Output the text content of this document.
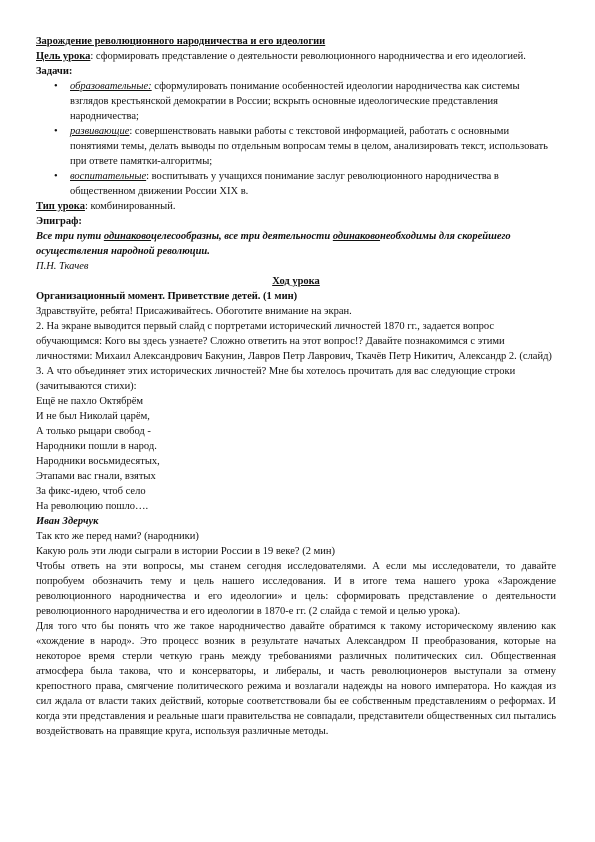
Зарождение революционного народничества и его идеологии

Цель урока: сформировать представление о деятельности революционного народничества и его идеологией.

Задачи:

• образовательные: сформулировать понимание особенностей идеологии народничества как системы взглядов крестьянской демократии в России; вскрыть основные идеологические представления народничества;
• развивающие: совершенствовать навыки работы с текстовой информацией, работать с основными понятиями темы, делать выводы по отдельным вопросам темы в целом, анализировать текст, использовать при ответе памятки-алгоритмы;
• воспитательные: воспитывать у учащихся понимание заслуг революционного народничества в общественном движении России XIX в.

Тип урока: комбинированный.

Эпиграф:

Все три пути одинаковоцелесообразны, все три деятельности одинаковонеобходимы для скорейшего осуществления народной революции.

П.Н. Ткачев

Ход урока

Организационный момент. Приветствие детей. (1 мин)

Здравствуйте, ребята! Присаживайтесь. Обоготите внимание на экран.

2. На экране выводится первый слайд с портретами исторический личностей 1870 гг., задается вопрос обучающимся: Кого вы здесь узнаете? Сложно ответить на этот вопрос!? Давайте познакомимся с этими личностями: Михаил Александрович Бакунин, Лавров Петр Лаврович, Ткачёв Петр Никитич, Александр 2. (слайд)

3. А что объединяет этих исторических личностей? Мне бы хотелось прочитать для вас следующие строки (зачитываются стихи):

Ещё не пахло Октябрём

И не был Николай царём,

А только рыцари свобод -

Народники пошли в народ.

Народники восьмидесятых,

Этапами вас гнали, взятых

За фикс-идею, чтоб село

На революцию пошло….

Иван Здерчук

Так кто же перед нами? (народники)

Какую роль эти люди сыграли в истории России в 19 веке? (2 мин)

Чтобы ответь на эти вопросы, мы станем сегодня исследователями. А если мы исследователи, то давайте попробуем обозначить тему и цель нашего исследования. И в итоге тема нашего урока «Зарождение революционного народничества и его идеологии» и цель: сформировать представление о деятельности революционного народничества и его идеологии в 1870-е гг. (2 слайда с темой и целью урока).

Для того что бы понять что же такое народничество давайте обратимся к такому историческому явлению как «хождение в народ». Это процесс возник в результате начатых Александром II преобразования, которые на некоторое время стерли четкую грань между требованиями различных политических сил. Общественная атмосфера была такова, что и консерваторы, и либералы, и часть революционеров выступали за отмену крепостного права, смягчение политического режима и возлагали надежды на нового императора. Но каждая из сил ждала от власти таких действий, которые соответствовали бы ее собственным представлениям о реформах. И когда эти представления и реальные шаги правительства не совпадали, представители общественных сил пытались воздействовать на правящие круга, используя различные методы.
